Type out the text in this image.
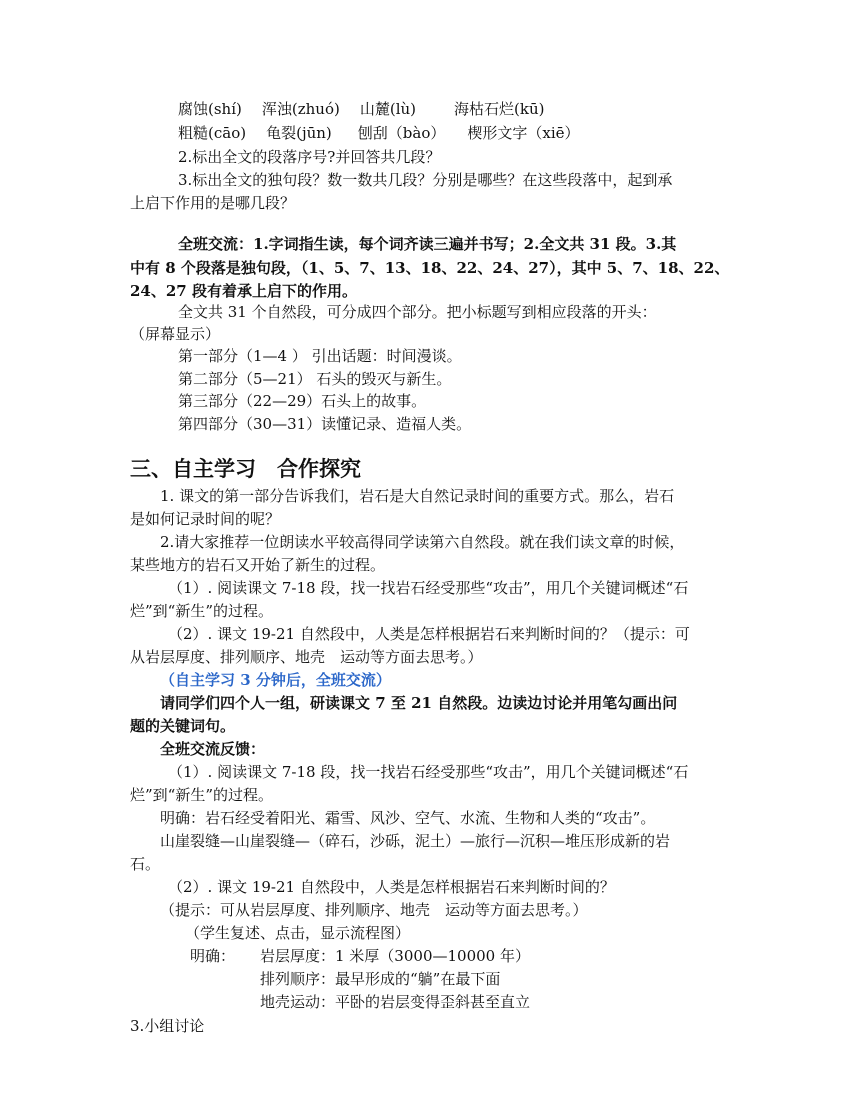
腐蚀(shí) 浑浊(zhuó) 山麓(lù)	海枯石烂(kū)
粗糙(cāo) 龟裂(jūn) 刨刮（bào） 楔形文字（xiē）
2.标出全文的段落序号?并回答共几段？
3.标出全文的独句段？数一数共几段？分别是哪些？在这些段落中，起到承
上启下作用的是哪几段？
全班交流：1.字词指生读，每个词齐读三遍并书写；2.全文共 31 段。3.其
中有 8 个段落是独句段，（1、5、7、13、18、22、24、27），其中 5、7、18、22、
24、27 段有着承上启下的作用。
全文共 31 个自然段，可分成四个部分。把小标题写到相应段落的开头：
（屏幕显示）
第一部分（1—4 ） 引出话题：时间漫谈。
第二部分（5—21） 石头的毁灭与新生。
第三部分（22—29）石头上的故事。
第四部分（30—31）读懂记录、造福人类。
三、自主学习　合作探究
1. 课文的第一部分告诉我们，岩石是大自然记录时间的重要方式。那么，岩石
是如何记录时间的呢？
2.请大家推荐一位朗读水平较高得同学读第六自然段。就在我们读文章的时候，
某些地方的岩石又开始了新生的过程。
（1）. 阅读课文 7-18 段，找一找岩石经受那些“攻击”，用几个关键词概述“石
烂”到“新生”的过程。
（2）. 课文 19-21 自然段中，人类是怎样根据岩石来判断时间的？（提示：可
从岩层厚度、排列顺序、地壳　运动等方面去思考。）
（自主学习 3 分钟后，全班交流）
请同学们四个人一组，研读课文 7 至 21 自然段。边读边讨论并用笔勾画出问
题的关键词句。
全班交流反馈：
（1）. 阅读课文 7-18 段，找一找岩石经受那些“攻击”，用几个关键词概述“石
烂”到“新生”的过程。
明确：岩石经受着阳光、霜雪、风沙、空气、水流、生物和人类的“攻击”。
山崖裂缝—山崖裂缝—（碎石，沙砾，泥土）—旅行—沉积—堆压形成新的岩
石。
（2）. 课文 19-21 自然段中，人类是怎样根据岩石来判断时间的？
（提示：可从岩层厚度、排列顺序、地壳　运动等方面去思考。）
（学生复述、点击，显示流程图）
明确： 岩层厚度：1 米厚（3000—10000 年）
排列顺序：最早形成的“躺”在最下面
地壳运动：平卧的岩层变得歪斜甚至直立
3.小组讨论
